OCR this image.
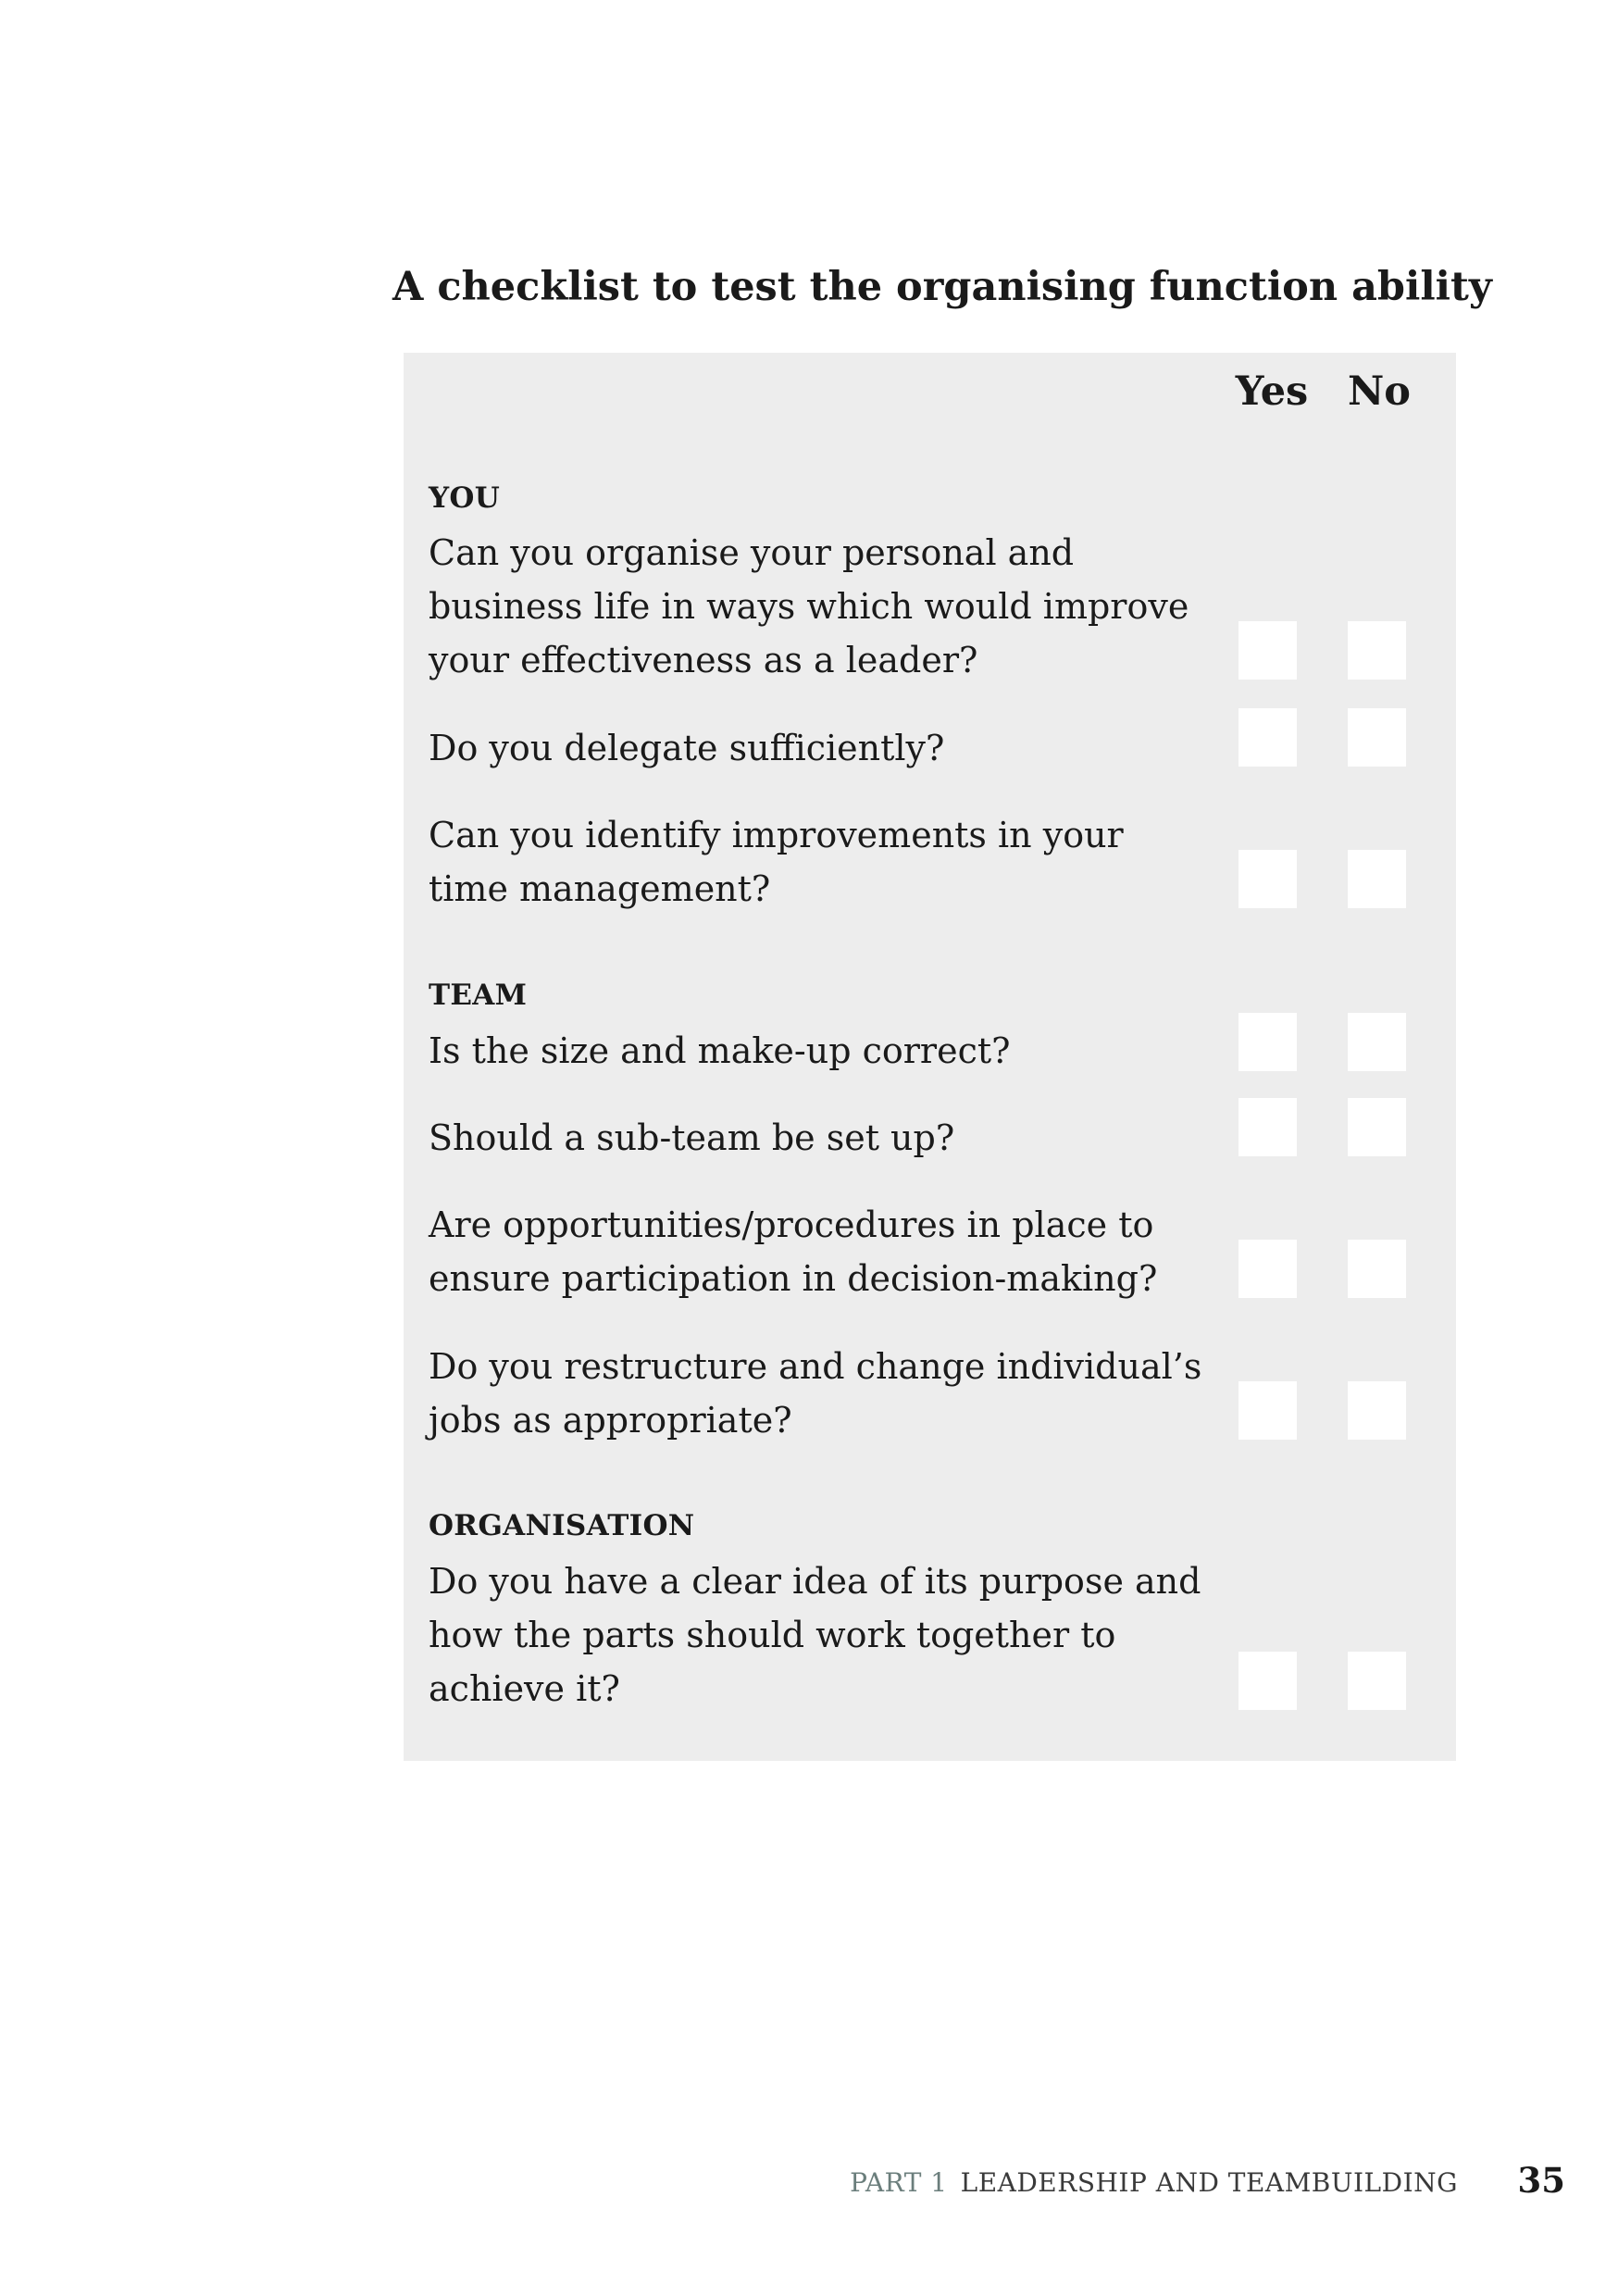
A checklist to test the organising function ability
Yes No
YOU
Can you organise your personal and
business life in ways which would improve
your effectiveness as a leader?
Do you delegate sufficiently?
Can you identify improvements in your
time management?
TEAM
Is the size and make-up correct?
Should a sub-team be set up?
Are opportunities/procedures in place to
ensure participation in decision-making?
Do you restructure and change individual’s
jobs as appropriate?
ORGANISATION
Do you have a clear idea of its purpose and
how the parts should work together to
achieve it?
PART 1 LEADERSHIP AND TEAMBUILDING 35
